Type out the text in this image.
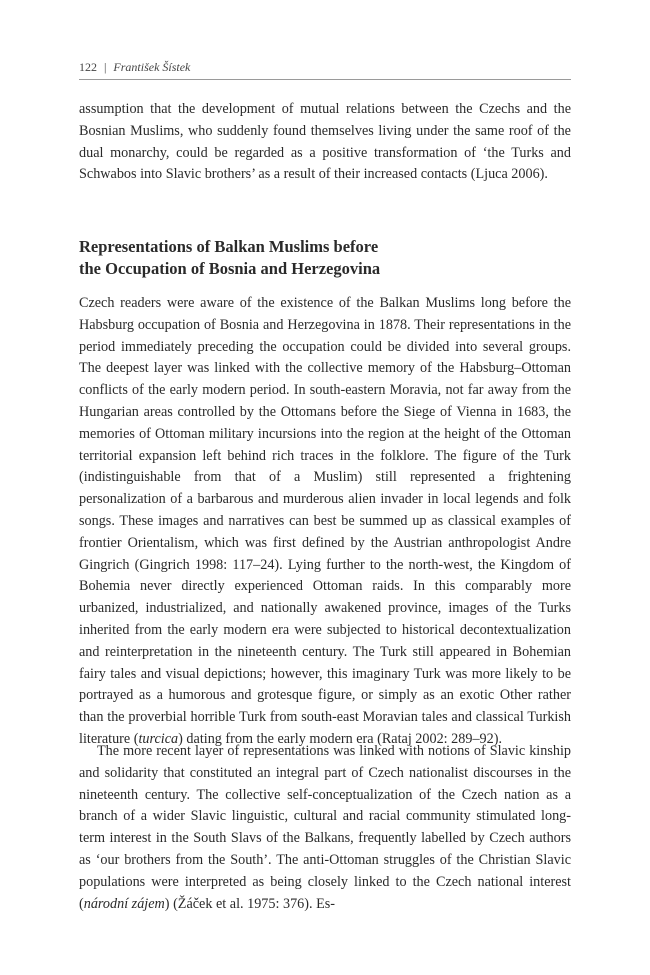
122 | František Šístek

assumption that the development of mutual relations between the Czechs and the Bosnian Muslims, who suddenly found themselves living under the same roof of the dual monarchy, could be regarded as a positive transformation of ‘the Turks and Schwabos into Slavic brothers’ as a result of their increased contacts (Ljuca 2006).

Representations of Balkan Muslims before
the Occupation of Bosnia and Herzegovina

Czech readers were aware of the existence of the Balkan Muslims long before the Habsburg occupation of Bosnia and Herzegovina in 1878. Their representations in the period immediately preceding the occupation could be divided into several groups. The deepest layer was linked with the collective memory of the Habsburg–Ottoman conflicts of the early modern period. In south-eastern Moravia, not far away from the Hungarian areas controlled by the Ottomans before the Siege of Vienna in 1683, the memories of Ottoman military incursions into the region at the height of the Ottoman territorial expansion left behind rich traces in the folklore. The figure of the Turk (indistinguishable from that of a Muslim) still represented a frightening personalization of a barbarous and murderous alien invader in local legends and folk songs. These images and narratives can best be summed up as classical examples of frontier Orientalism, which was first defined by the Austrian anthropologist Andre Gingrich (Gingrich 1998: 117–24). Lying further to the north-west, the Kingdom of Bohemia never directly experienced Ottoman raids. In this comparably more urbanized, industrialized, and nationally awakened province, images of the Turks inherited from the early modern era were subjected to historical decontextualization and reinterpretation in the nineteenth century. The Turk still appeared in Bohemian fairy tales and visual depictions; however, this imaginary Turk was more likely to be portrayed as a humorous and grotesque figure, or simply as an exotic Other rather than the proverbial horrible Turk from south-east Moravian tales and classical Turkish literature (turcica) dating from the early modern era (Rataj 2002: 289–92).

The more recent layer of representations was linked with notions of Slavic kinship and solidarity that constituted an integral part of Czech nationalist discourses in the nineteenth century. The collective self-conceptualization of the Czech nation as a branch of a wider Slavic linguistic, cultural and racial community stimulated long-term interest in the South Slavs of the Balkans, frequently labelled by Czech authors as ‘our brothers from the South’. The anti-Ottoman struggles of the Christian Slavic populations were interpreted as being closely linked to the Czech national interest (národní zájem) (Žáček et al. 1975: 376). Es-
